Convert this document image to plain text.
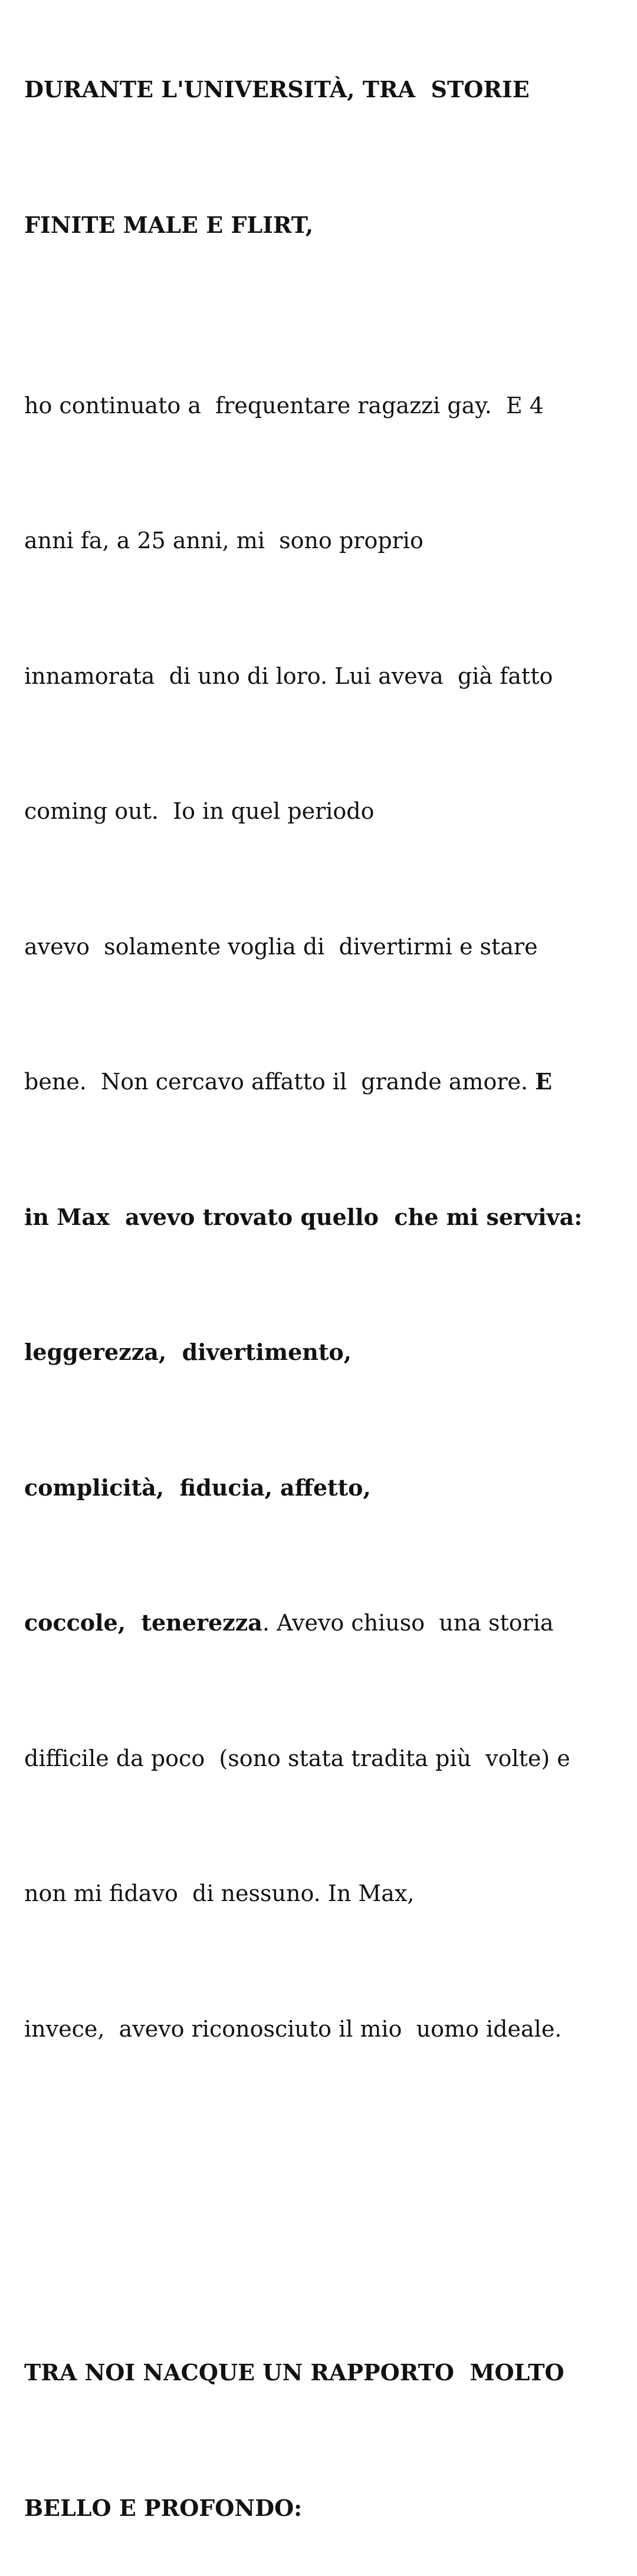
DURANTE L'UNIVERSITÀ, TRA  STORIE

FINITE MALE E FLIRT,

ho continuato a  frequentare ragazzi gay.  E 4

anni fa, a 25 anni, mi  sono proprio

innamorata  di uno di loro. Lui aveva  già fatto

coming out.  Io in quel periodo

avevo  solamente voglia di  divertirmi e stare

bene.  Non cercavo affatto il  grande amore. E

in Max  avevo trovato quello  che mi serviva:

leggerezza,  divertimento,

complicità,  fiducia, affetto,

coccole,  tenerezza. Avevo chiuso  una storia

difficile da poco  (sono stata tradita più  volte) e

non mi fidavo  di nessuno. In Max,

invece,  avevo riconosciuto il mio  uomo ideale.

TRA NOI NACQUE UN RAPPORTO  MOLTO

BELLO E PROFONDO:
